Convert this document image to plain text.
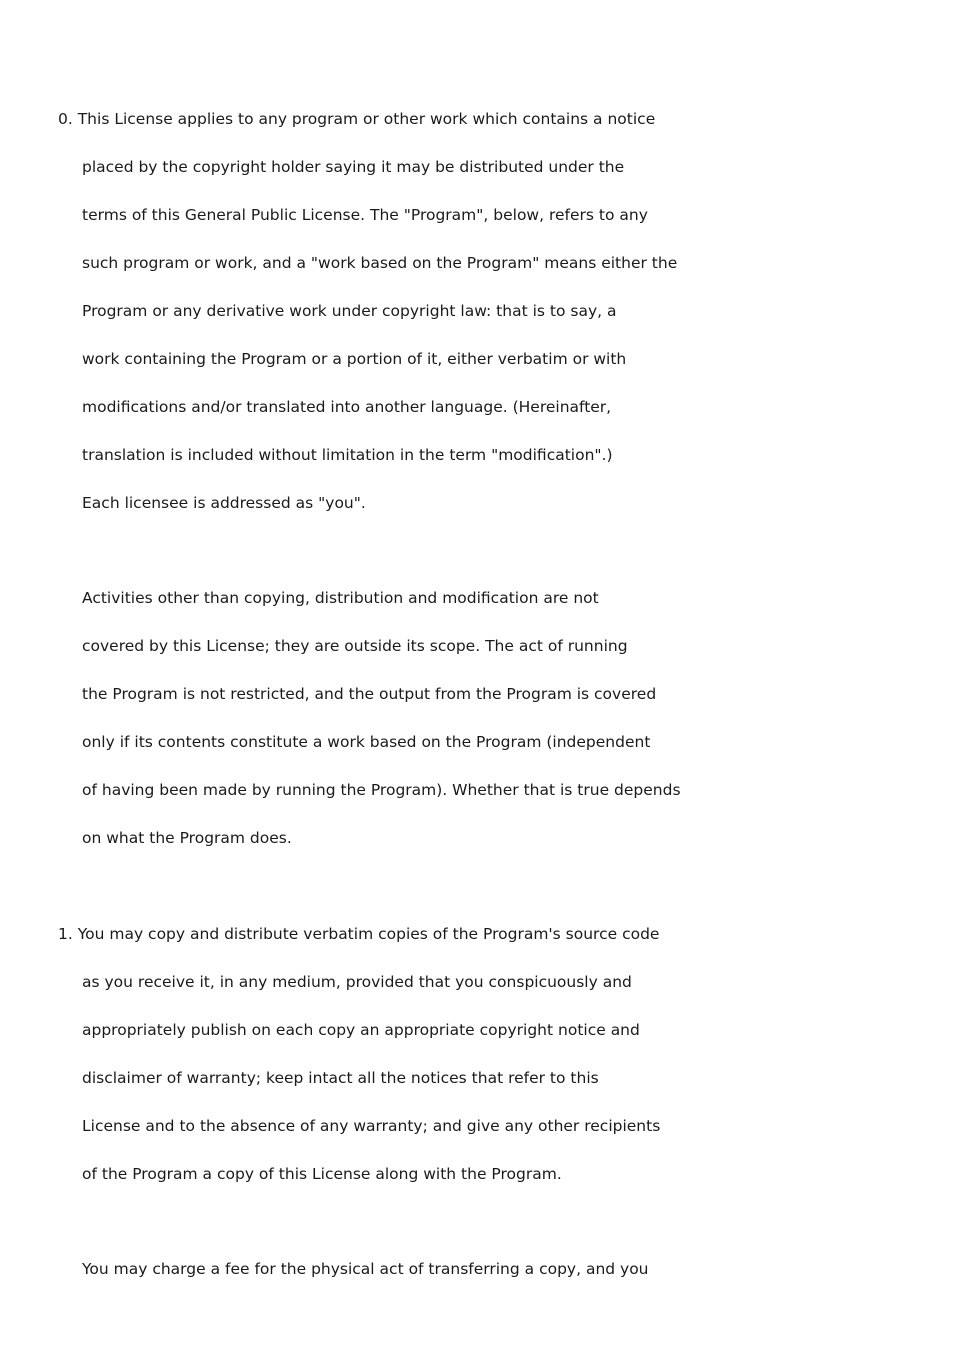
0. This License applies to any program or other work which contains a notice
placed by the copyright holder saying it may be distributed under the
terms of this General Public License. The "Program", below, refers to any
such program or work, and a "work based on the Program" means either the
Program or any derivative work under copyright law: that is to say, a
work containing the Program or a portion of it, either verbatim or with
modifications and/or translated into another language. (Hereinafter,
translation is included without limitation in the term "modification".)
Each licensee is addressed as "you".
Activities other than copying, distribution and modification are not
covered by this License; they are outside its scope. The act of running
the Program is not restricted, and the output from the Program is covered
only if its contents constitute a work based on the Program (independent
of having been made by running the Program). Whether that is true depends
on what the Program does.
1. You may copy and distribute verbatim copies of the Program's source code
as you receive it, in any medium, provided that you conspicuously and
appropriately publish on each copy an appropriate copyright notice and
disclaimer of warranty; keep intact all the notices that refer to this
License and to the absence of any warranty; and give any other recipients
of the Program a copy of this License along with the Program.
You may charge a fee for the physical act of transferring a copy, and you
